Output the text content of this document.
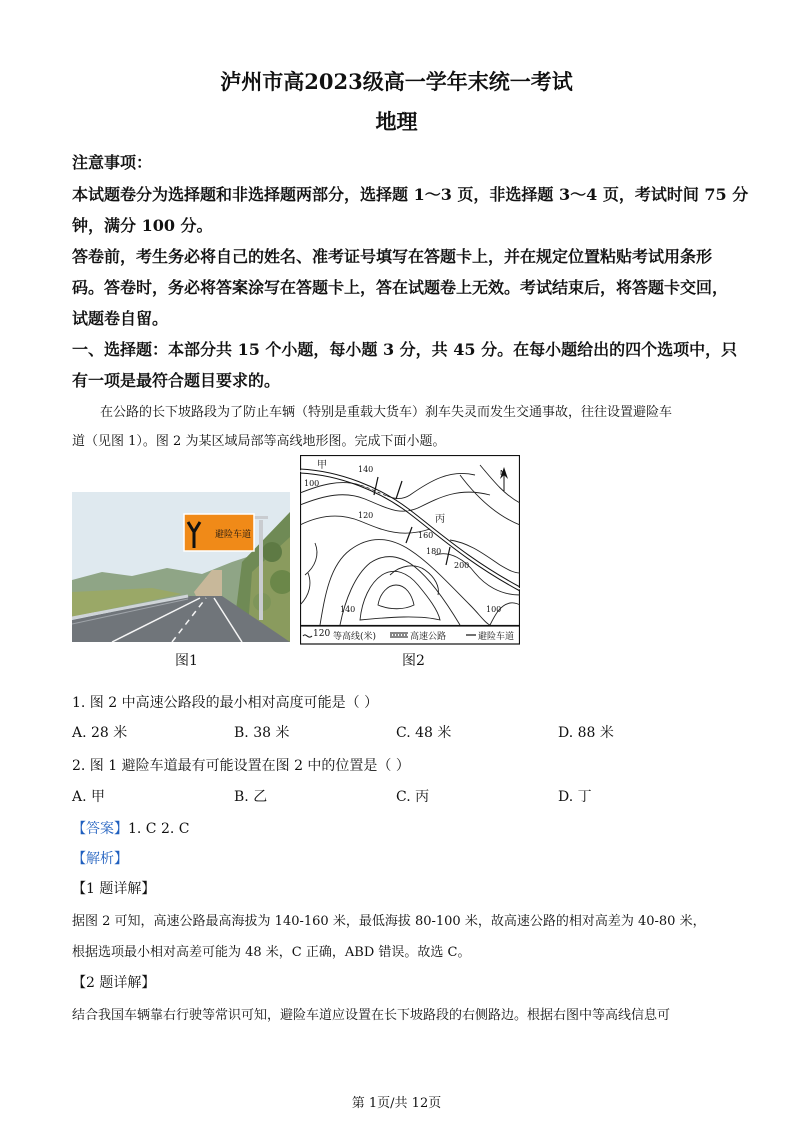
泸州市高2023级高一学年末统一考试
地理
注意事项：
本试题卷分为选择题和非选择题两部分，选择题 1～3 页，非选择题 3～4 页，考试时间 75 分
钟，满分 100 分。
答卷前，考生务必将自己的姓名、准考证号填写在答题卡上，并在规定位置粘贴考试用条形
码。答卷时，务必将答案涂写在答题卡上，答在试题卷上无效。考试结束后，将答题卡交回，
试题卷自留。
一、选择题：本部分共 15 个小题，每小题 3 分，共 45 分。在每小题给出的四个选项中，只
有一项是最符合题目要求的。
在公路的长下坡路段为了防止车辆（特别是重载大货车）刹车失灵而发生交通事故，往往设置避险车
道（见图 1）。图 2 为某区域局部等高线地形图。完成下面小题。
避险车道
图1
甲
丙
N
100
140
120
160
180
200
140	100
120 等高线(米)	高速公路	避险车道
图2
1. 图 2 中高速公路段的最小相对高度可能是（ ）
A. 28 米	B. 38 米	C. 48 米	D. 88 米
2. 图 1 避险车道最有可能设置在图 2 中的位置是（ ）
A. 甲	B. 乙	C. 丙	D. 丁
【答案】1. C 2. C
【解析】
【1 题详解】
据图 2 可知，高速公路最高海拔为 140-160 米，最低海拔 80-100 米，故高速公路的相对高差为 40-80 米，
根据选项最小相对高差可能为 48 米，C 正确，ABD 错误。故选 C。
【2 题详解】
结合我国车辆靠右行驶等常识可知，避险车道应设置在长下坡路段的右侧路边。根据右图中等高线信息可
第 1页/共 12页
